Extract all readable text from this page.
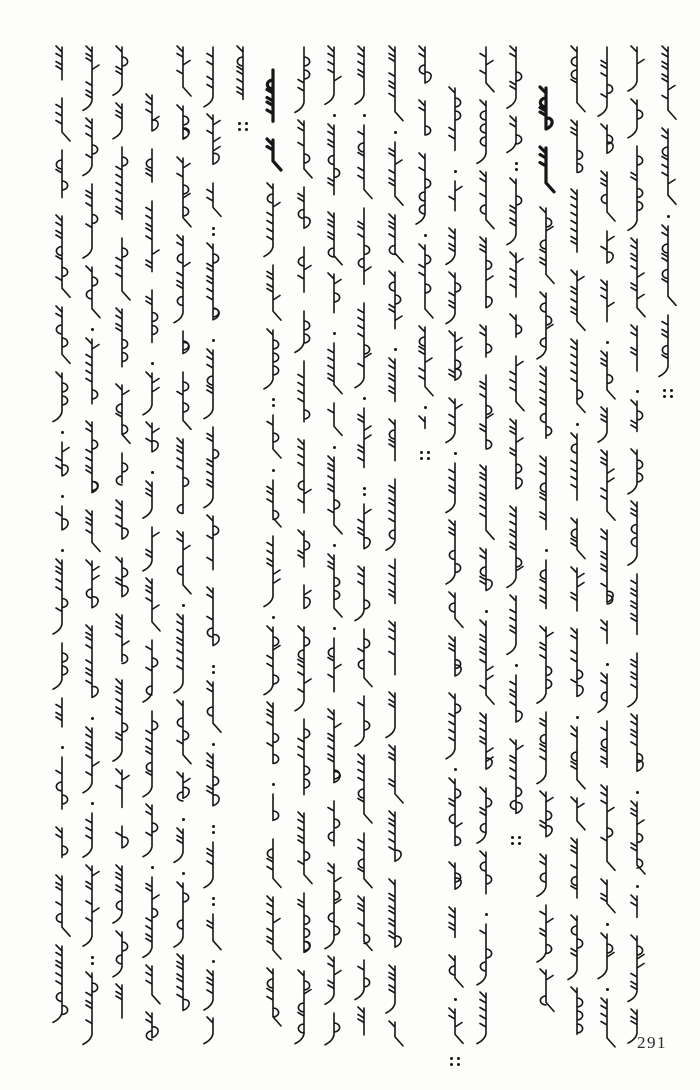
291
